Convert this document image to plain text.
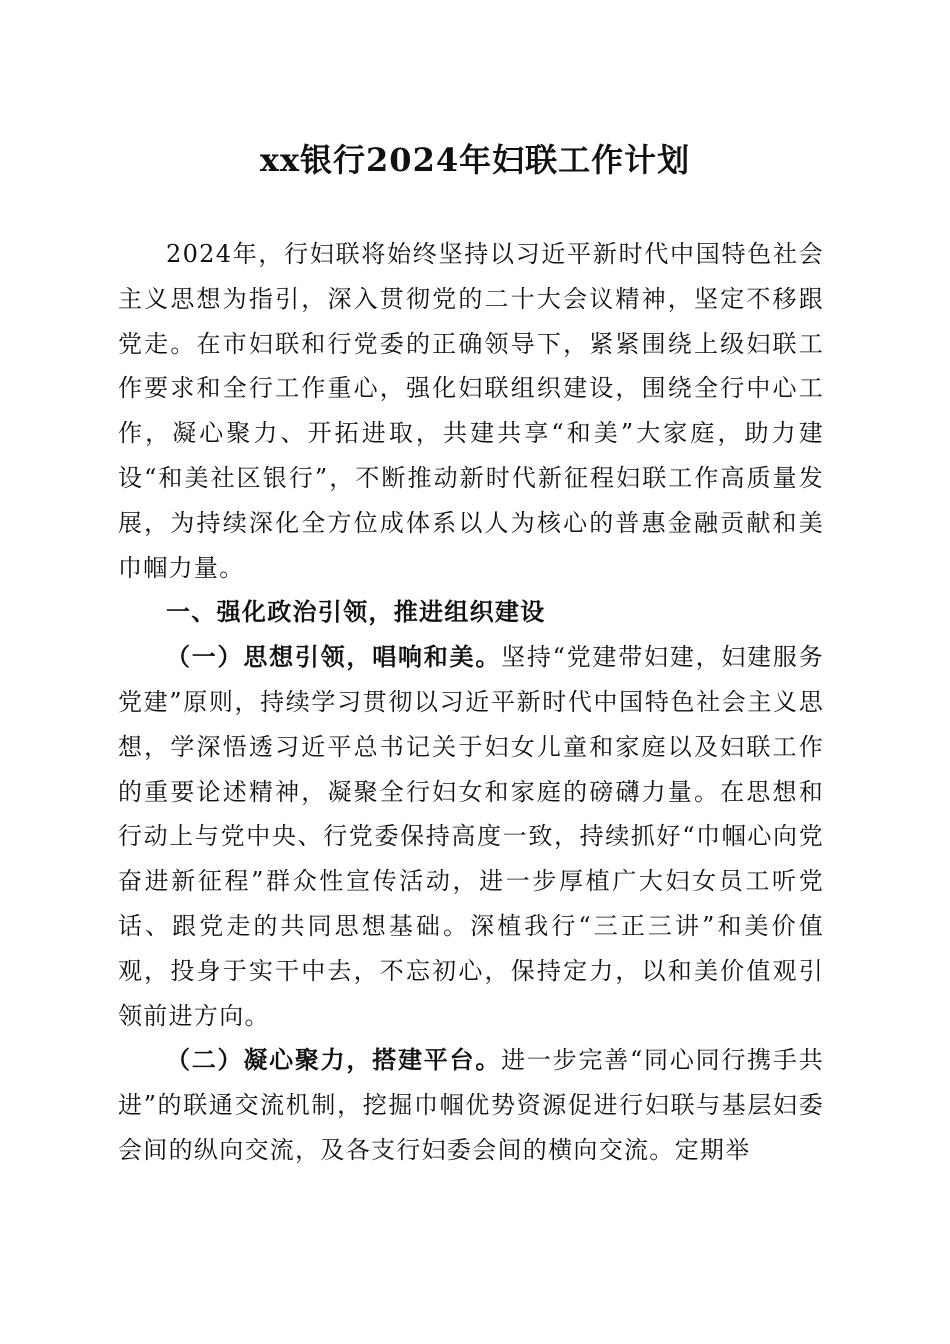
xx银行2024年妇联工作计划

2024年，行妇联将始终坚持以习近平新时代中国特色社会主义思想为指引，深入贯彻党的二十大会议精神，坚定不移跟党走。在市妇联和行党委的正确领导下，紧紧围绕上级妇联工作要求和全行工作重心，强化妇联组织建设，围绕全行中心工作，凝心聚力、开拓进取，共建共享“和美”大家庭，助力建设“和美社区银行”，不断推动新时代新征程妇联工作高质量发展，为持续深化全方位成体系以人为核心的普惠金融贡献和美巾帼力量。

一、强化政治引领，推进组织建设

（一）思想引领，唱响和美。坚持“党建带妇建，妇建服务党建”原则，持续学习贯彻以习近平新时代中国特色社会主义思想，学深悟透习近平总书记关于妇女儿童和家庭以及妇联工作的重要论述精神，凝聚全行妇女和家庭的磅礴力量。在思想和行动上与党中央、行党委保持高度一致，持续抓好“巾帼心向党奋进新征程”群众性宣传活动，进一步厚植广大妇女员工听党话、跟党走的共同思想基础。深植我行“三正三讲”和美价值观，投身于实干中去，不忘初心，保持定力，以和美价值观引领前进方向。

（二）凝心聚力，搭建平台。进一步完善“同心同行携手共进”的联通交流机制，挖掘巾帼优势资源促进行妇联与基层妇委会间的纵向交流，及各支行妇委会间的横向交流。定期举
